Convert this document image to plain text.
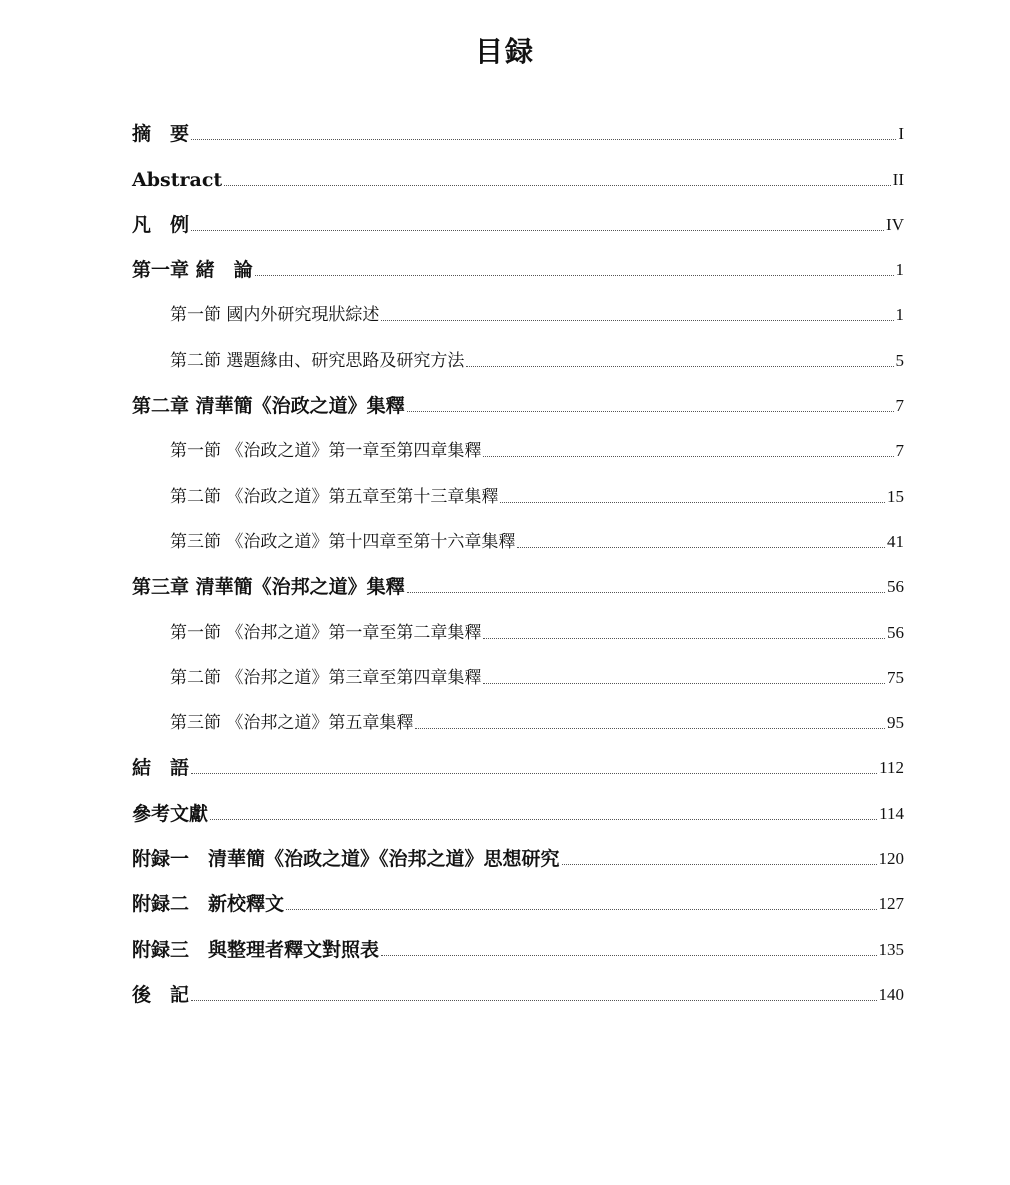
目録
摘　要	I
Abstract	II
凡　例	IV
第一章 緒　論	1
第一節 國内外研究現狀綜述	1
第二節 選題緣由、研究思路及研究方法	5
第二章 清華簡《治政之道》集釋	7
第一節 《治政之道》第一章至第四章集釋	7
第二節 《治政之道》第五章至第十三章集釋	15
第三節 《治政之道》第十四章至第十六章集釋	41
第三章 清華簡《治邦之道》集釋	56
第一節 《治邦之道》第一章至第二章集釋	56
第二節 《治邦之道》第三章至第四章集釋	75
第三節 《治邦之道》第五章集釋	95
結　語	112
參考文獻	114
附録一　清華簡《治政之道》《治邦之道》思想研究	120
附録二　新校釋文	127
附録三　與整理者釋文對照表	135
後　記	140
